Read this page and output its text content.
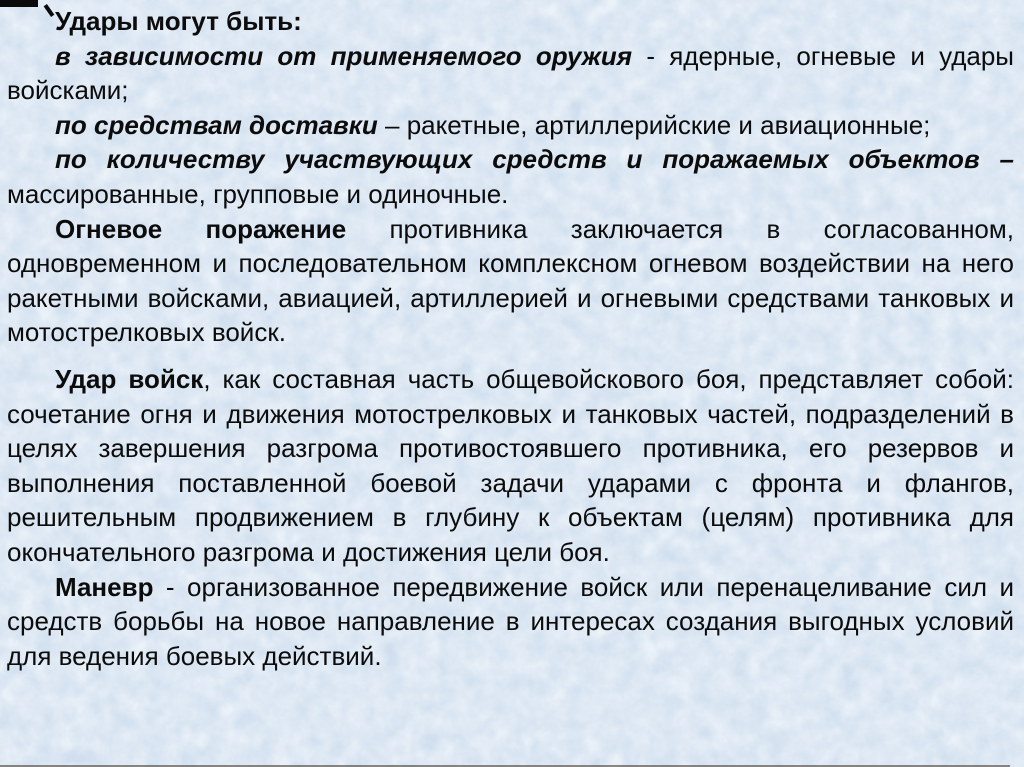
Удары могут быть:

в зависимости от применяемого оружия - ядерные, огневые и удары войсками;

по средствам доставки – ракетные, артиллерийские и авиационные;

по количеству участвующих средств и поражаемых объектов – массированные, групповые и одиночные.

Огневое поражение противника заключается в согласованном, одновременном и последовательном комплексном огневом воздействии на него ракетными войсками, авиацией, артиллерией и огневыми средствами танковых и мотострелковых войск.

Удар войск, как составная часть общевойскового боя, представляет собой: сочетание огня и движения мотострелковых и танковых частей, подразделений в целях завершения разгрома противостоявшего противника, его резервов и выполнения поставленной боевой задачи ударами с фронта и флангов, решительным продвижением в глубину к объектам (целям) противника для окончательного разгрома и достижения цели боя.

Маневр - организованное передвижение войск или перенацеливание сил и средств борьбы на новое направление в интересах создания выгодных условий для ведения боевых действий.
